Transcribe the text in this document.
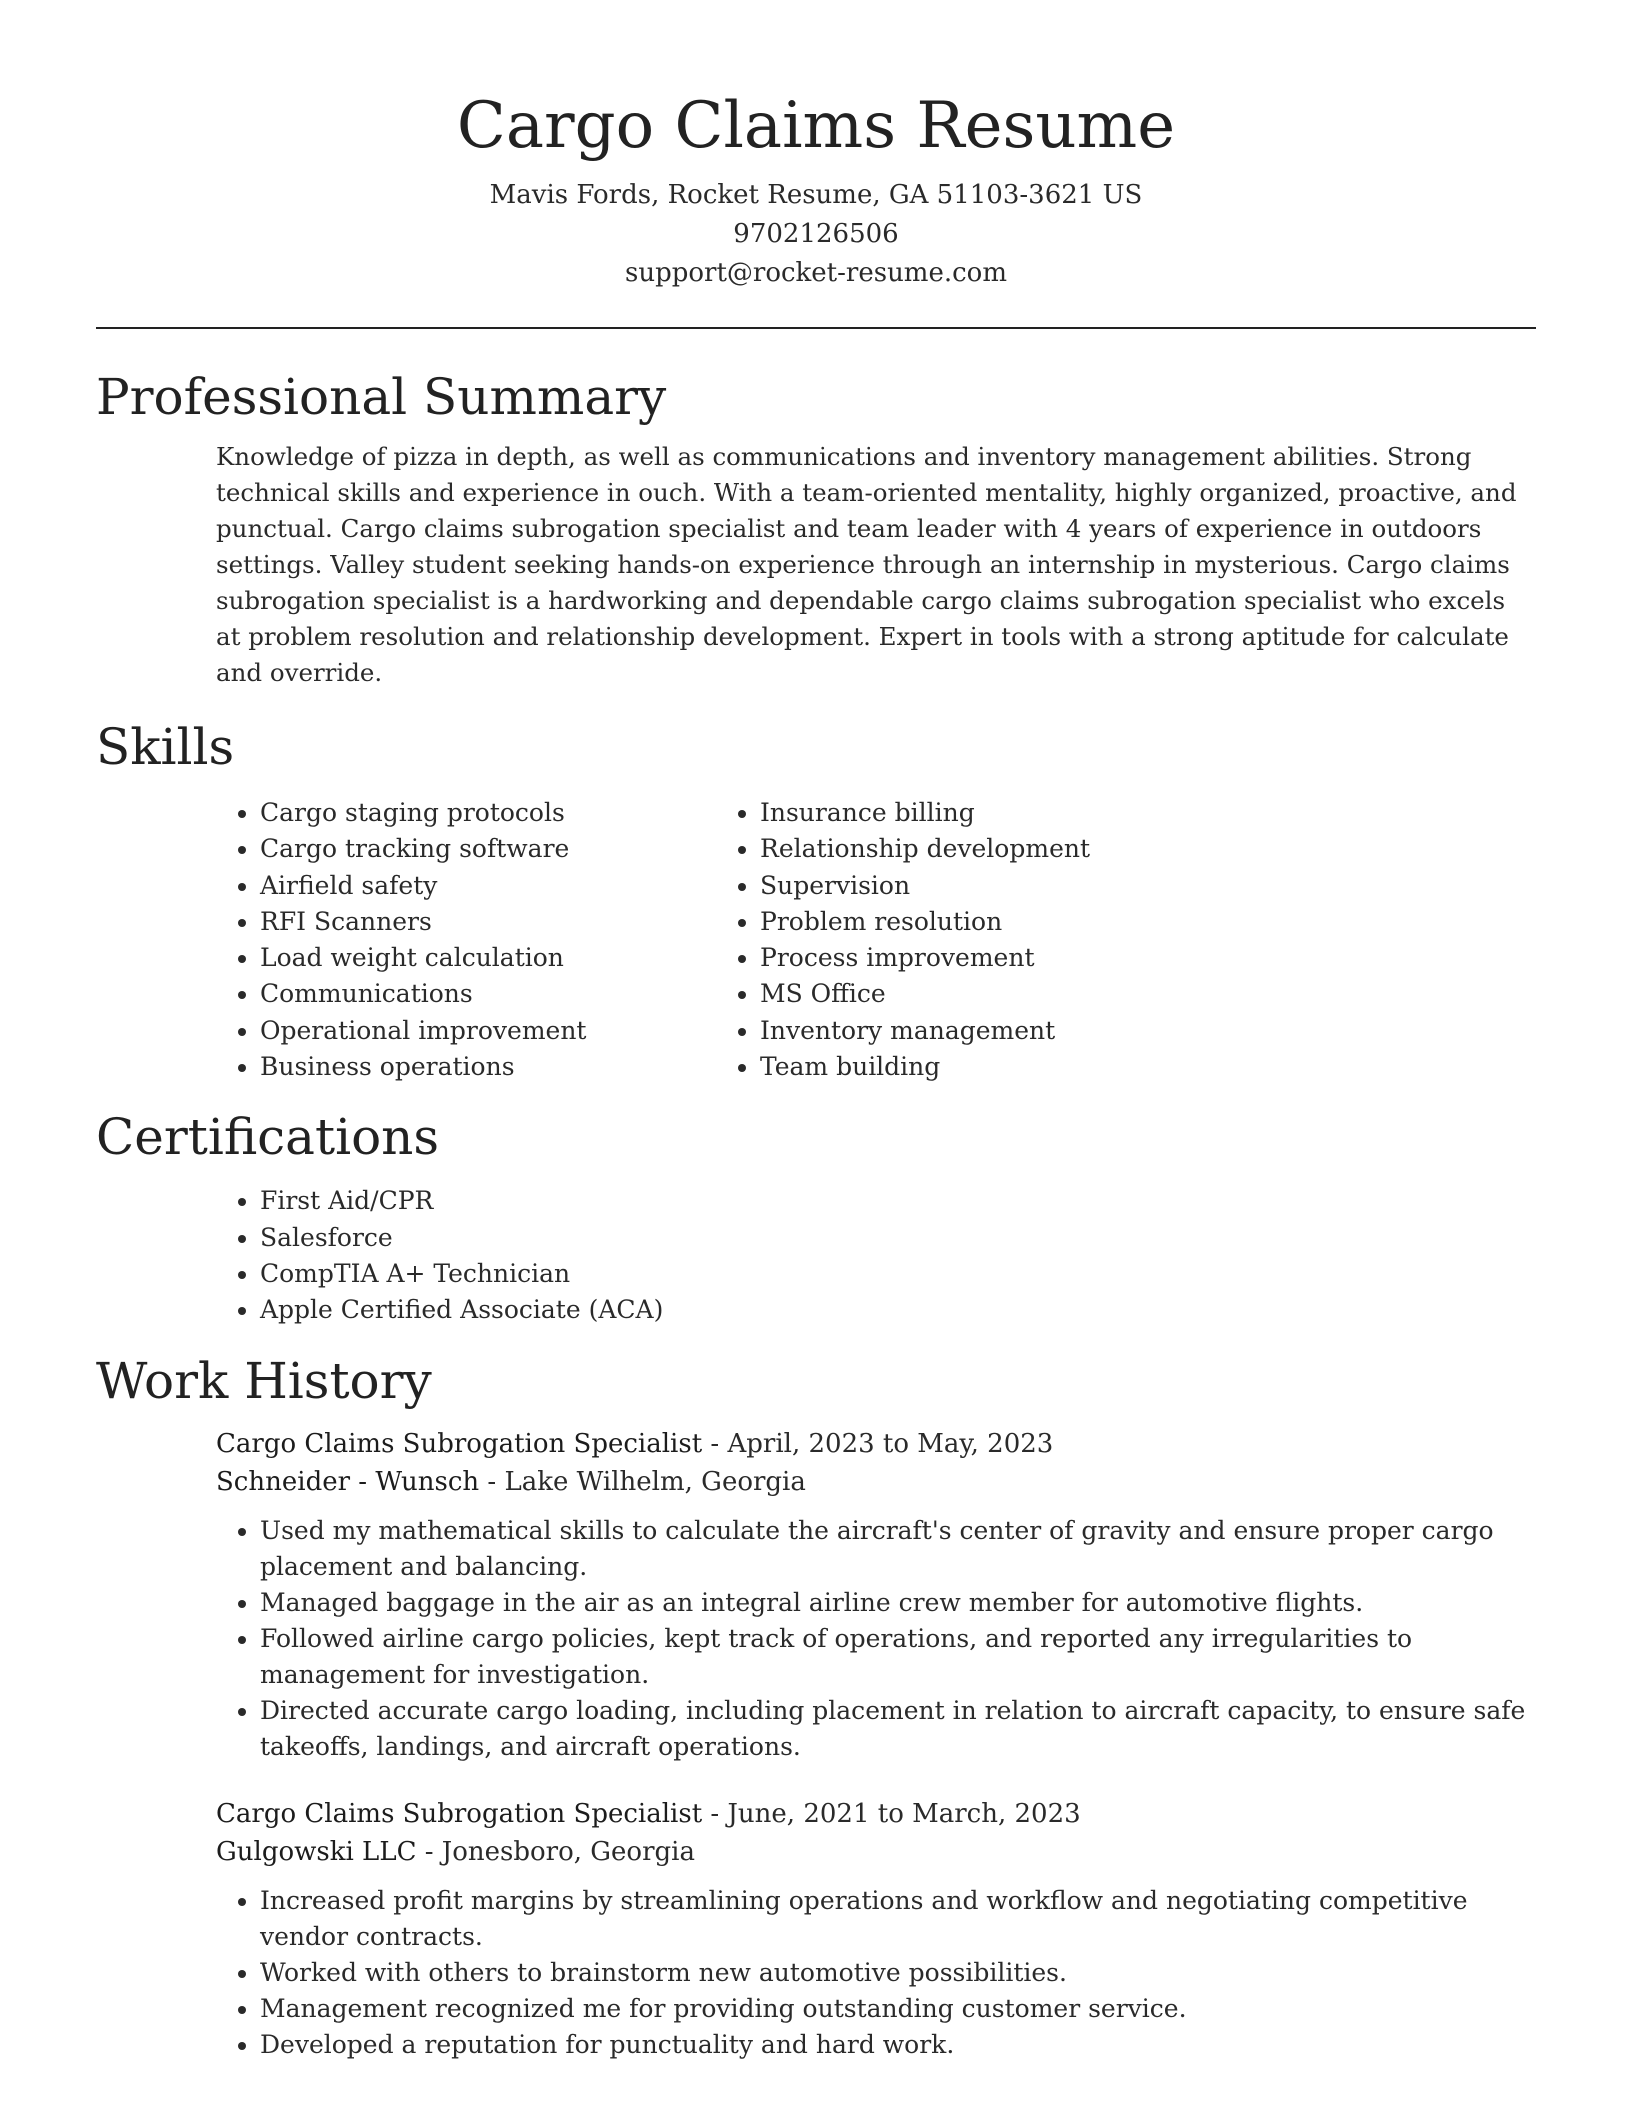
Cargo Claims Resume
Mavis Fords, Rocket Resume, GA 51103-3621 US
9702126506
support@rocket-resume.com
Professional Summary
Knowledge of pizza in depth, as well as communications and inventory management abilities. Strong technical skills and experience in ouch. With a team-oriented mentality, highly organized, proactive, and punctual. Cargo claims subrogation specialist and team leader with 4 years of experience in outdoors settings. Valley student seeking hands-on experience through an internship in mysterious. Cargo claims subrogation specialist is a hardworking and dependable cargo claims subrogation specialist who excels at problem resolution and relationship development. Expert in tools with a strong aptitude for calculate and override.
Skills
• Cargo staging protocols
• Cargo tracking software
• Airfield safety
• RFI Scanners
• Load weight calculation
• Communications
• Operational improvement
• Business operations
• Insurance billing
• Relationship development
• Supervision
• Problem resolution
• Process improvement
• MS Office
• Inventory management
• Team building
Certifications
• First Aid/CPR
• Salesforce
• CompTIA A+ Technician
• Apple Certified Associate (ACA)
Work History
Cargo Claims Subrogation Specialist - April, 2023 to May, 2023
Schneider - Wunsch - Lake Wilhelm, Georgia
• Used my mathematical skills to calculate the aircraft's center of gravity and ensure proper cargo placement and balancing.
• Managed baggage in the air as an integral airline crew member for automotive flights.
• Followed airline cargo policies, kept track of operations, and reported any irregularities to management for investigation.
• Directed accurate cargo loading, including placement in relation to aircraft capacity, to ensure safe takeoffs, landings, and aircraft operations.
Cargo Claims Subrogation Specialist - June, 2021 to March, 2023
Gulgowski LLC - Jonesboro, Georgia
• Increased profit margins by streamlining operations and workflow and negotiating competitive vendor contracts.
• Worked with others to brainstorm new automotive possibilities.
• Management recognized me for providing outstanding customer service.
• Developed a reputation for punctuality and hard work.
